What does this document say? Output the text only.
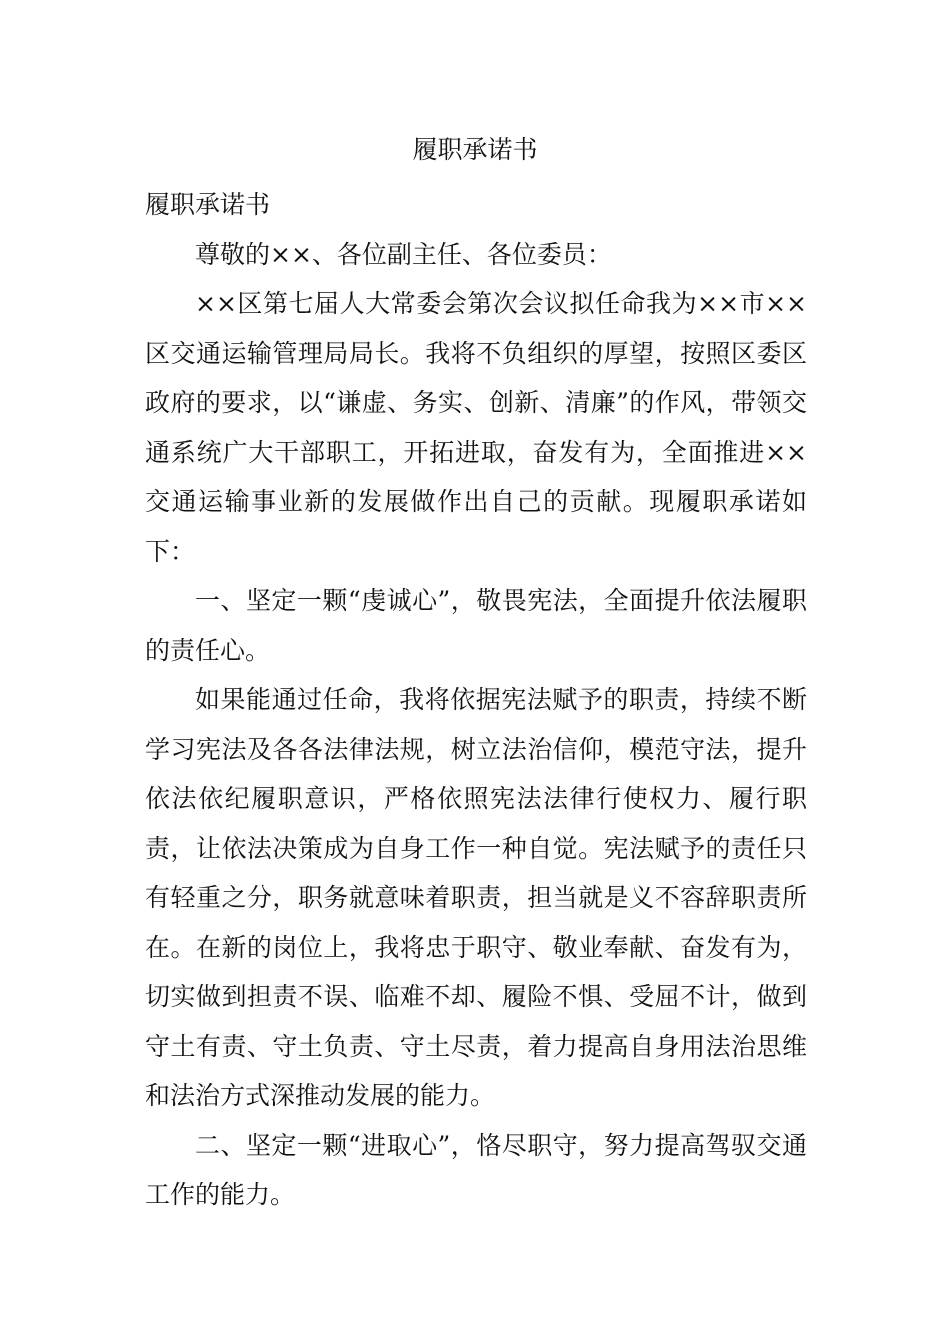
履职承诺书

履职承诺书

尊敬的××、各位副主任、各位委员：

××区第七届人大常委会第次会议拟任命我为××市××区交通运输管理局局长。我将不负组织的厚望，按照区委区政府的要求，以“谦虚、务实、创新、清廉”的作风，带领交通系统广大干部职工，开拓进取，奋发有为，全面推进××交通运输事业新的发展做作出自己的贡献。现履职承诺如下：

一、坚定一颗“虔诚心”，敬畏宪法，全面提升依法履职的责任心。

如果能通过任命，我将依据宪法赋予的职责，持续不断学习宪法及各各法律法规，树立法治信仰，模范守法，提升依法依纪履职意识，严格依照宪法法律行使权力、履行职责，让依法决策成为自身工作一种自觉。宪法赋予的责任只有轻重之分，职务就意味着职责，担当就是义不容辞职责所在。在新的岗位上，我将忠于职守、敬业奉献、奋发有为，切实做到担责不误、临难不却、履险不惧、受屈不计，做到守土有责、守土负责、守土尽责，着力提高自身用法治思维和法治方式深推动发展的能力。

二、坚定一颗“进取心”，恪尽职守，努力提高驾驭交通工作的能力。
